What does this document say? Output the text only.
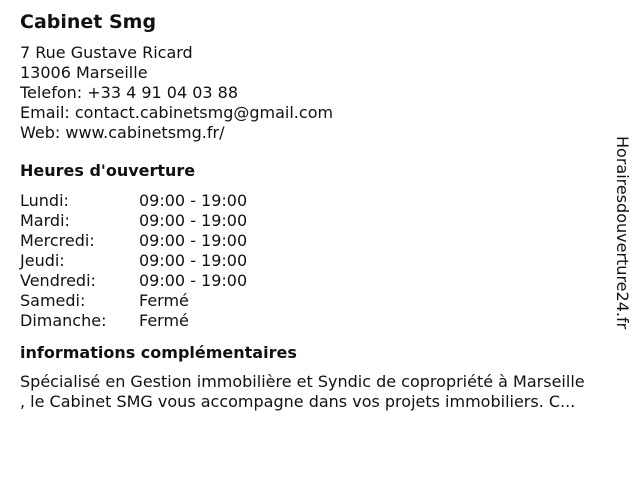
Cabinet Smg
7 Rue Gustave Ricard
13006 Marseille
Telefon: +33 4 91 04 03 88
Email: contact.cabinetsmg@gmail.com
Web: www.cabinetsmg.fr/
Heures d'ouverture
Lundi:	09:00 - 19:00
Mardi:	09:00 - 19:00
Mercredi:	09:00 - 19:00
Jeudi:	09:00 - 19:00
Vendredi:	09:00 - 19:00
Samedi:	Fermé
Dimanche:	Fermé
informations complémentaires
Spécialisé en Gestion immobilière et Syndic de copropriété à Marseille
, le Cabinet SMG vous accompagne dans vos projets immobiliers. C...
Horairesdouverture24.fr
